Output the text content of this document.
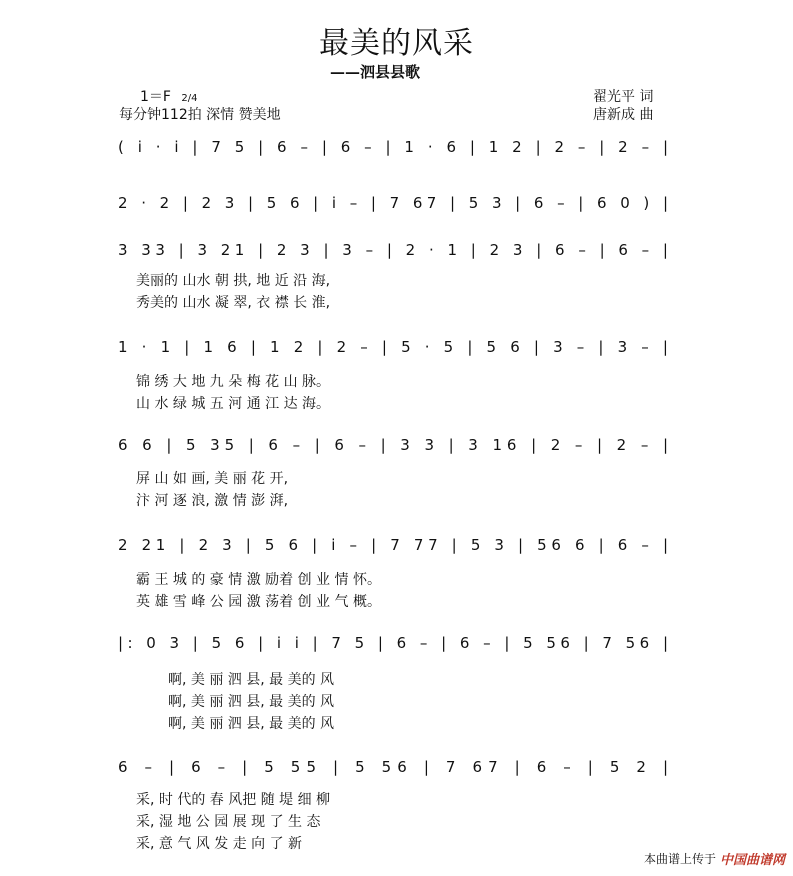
最美的风采
——泗县县歌
1＝F 2/4
每分钟112拍 深情 赞美地
翟光平 词
唐新成 曲
( i · i | 7 5 | 6 – | 6 – | 1 · 6 | 1 2 | 2 – | 2 – |
2 · 2 | 2 3 | 5 6 | i – | 7 67 | 5 3 | 6 – | 6 0 ) |
3 33 | 3 21 | 2 3 | 3 – | 2 · 1 | 2 3 | 6 – | 6 – |
1 · 1 | 1 6 | 1 2 | 2 – | 5 · 5 | 5 6 | 3 – | 3 – |
6 6 | 5 35 | 6 – | 6 – | 3 3 | 3 16 | 2 – | 2 – |
2 21 | 2 3 | 5 6 | i – | 7 77 | 5 3 | 56 6 | 6 – |
|: 0 3 | 5 6 | i i | 7 5 | 6 – | 6 – | 5 56 | 7 56 |
6 – | 6 – | 5 55 | 5 56 | 7 67 | 6 – | 5 2 |
美丽的 山水 朝 拱, 地 近 沿 海,
秀美的 山水 凝 翠, 衣 襟 长 淮,
锦 绣 大 地 九 朵 梅 花 山 脉。
山 水 绿 城 五 河 通 江 达 海。
屏 山 如 画, 美 丽 花 开,
汴 河 逐 浪, 激 情 澎 湃,
霸 王 城 的 豪 情 激 励着 创 业 情 怀。
英 雄 雪 峰 公 园 激 荡着 创 业 气 概。
啊, 美 丽 泗 县, 最 美的 风
啊, 美 丽 泗 县, 最 美的 风
啊, 美 丽 泗 县, 最 美的 风
采, 时 代的 春 风把 随 堤 细 柳
采, 湿 地 公 园 展 现 了 生 态
采, 意 气 风 发 走 向 了 新
本曲谱上传于 中国曲谱网
